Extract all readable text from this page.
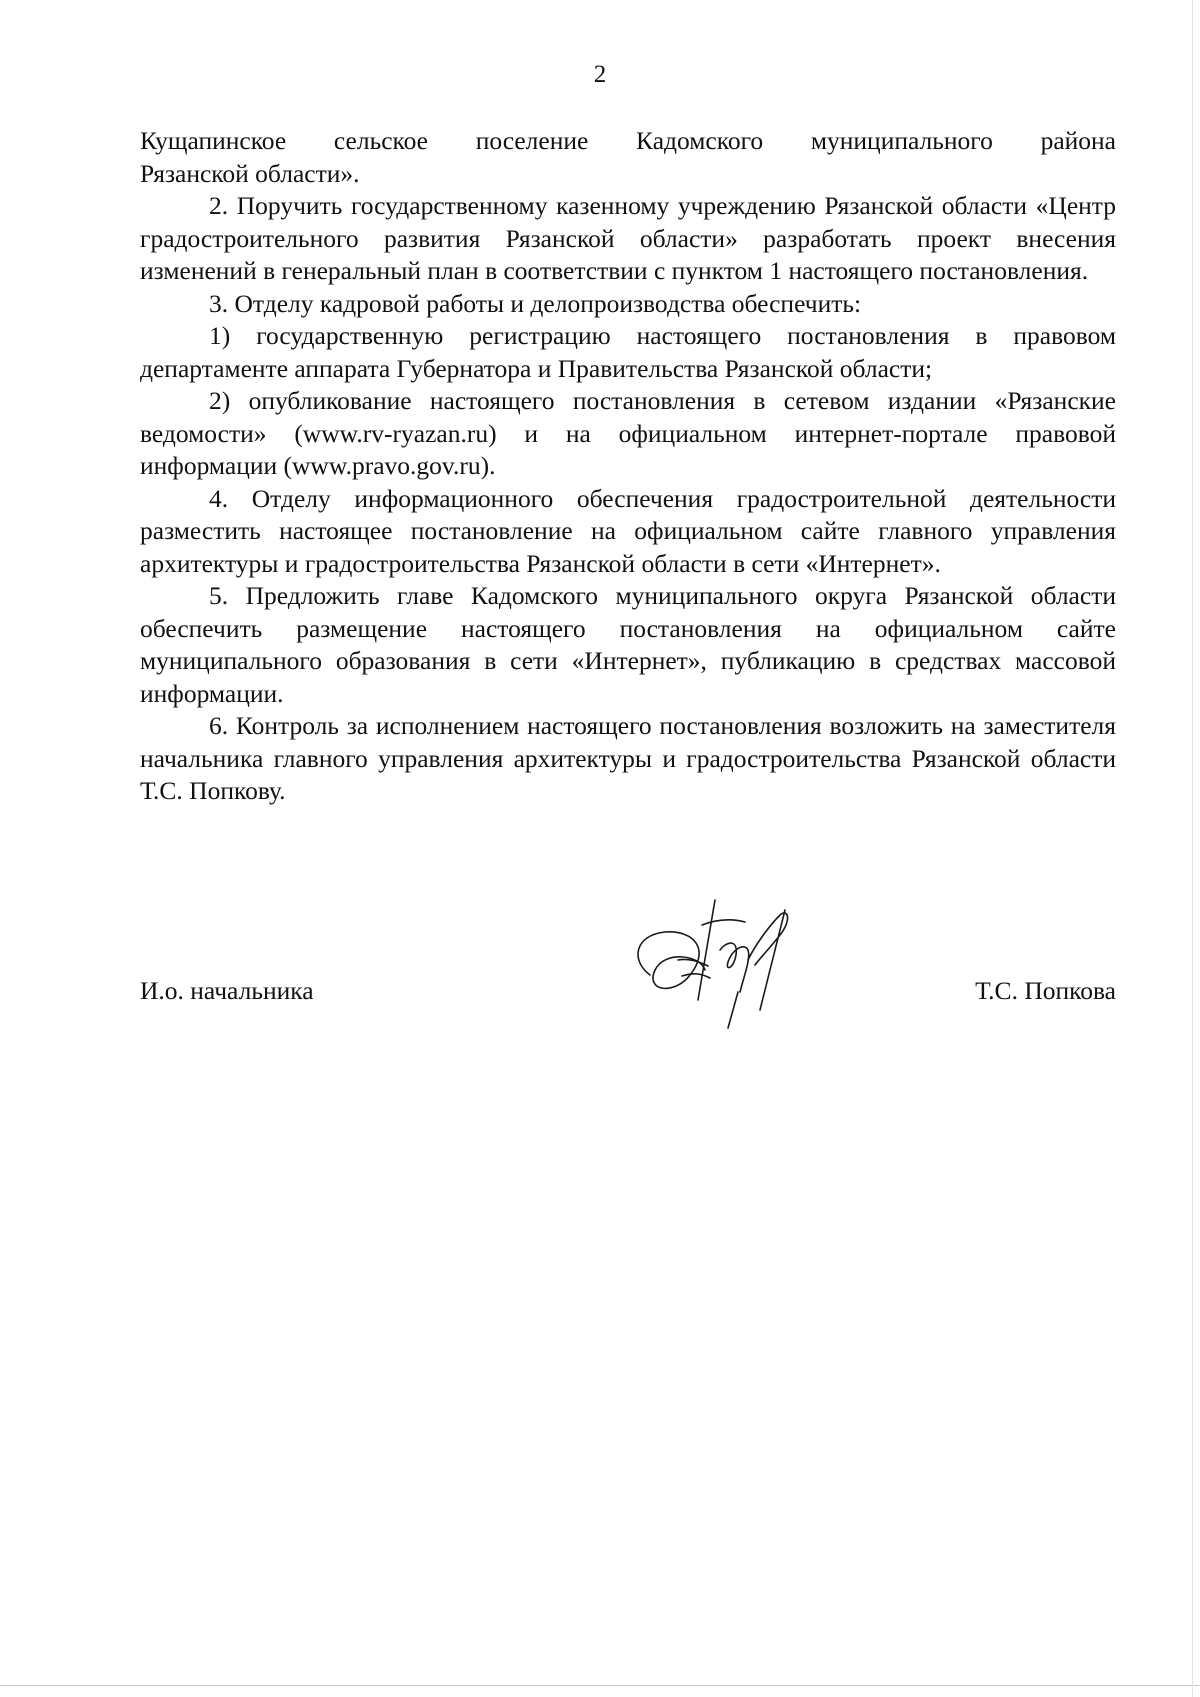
2

Кущапинское сельское поселение Кадомского муниципального района

Рязанской области».

2. Поручить государственному казенному учреждению Рязанской области «Центр градостроительного развития Рязанской области» разработать проект внесения изменений в генеральный план в соответствии с пунктом 1 настоящего постановления.

3. Отделу кадровой работы и делопроизводства обеспечить:

1) государственную регистрацию настоящего постановления в правовом департаменте аппарата Губернатора и Правительства Рязанской области;

2) опубликование настоящего постановления в сетевом издании «Рязанские ведомости» (www.rv-ryazan.ru) и на официальном интернет-портале правовой информации (www.pravo.gov.ru).

4. Отделу информационного обеспечения градостроительной деятельности разместить настоящее постановление на официальном сайте главного управления архитектуры и градостроительства Рязанской области в сети «Интернет».

5. Предложить главе Кадомского муниципального округа Рязанской области обеспечить размещение настоящего постановления на официальном сайте муниципального образования в сети «Интернет», публикацию в средствах массовой информации.

6. Контроль за исполнением настоящего постановления возложить на заместителя начальника главного управления архитектуры и градостроительства Рязанской области Т.С. Попкову.

И.о. начальника	Т.С. Попкова
